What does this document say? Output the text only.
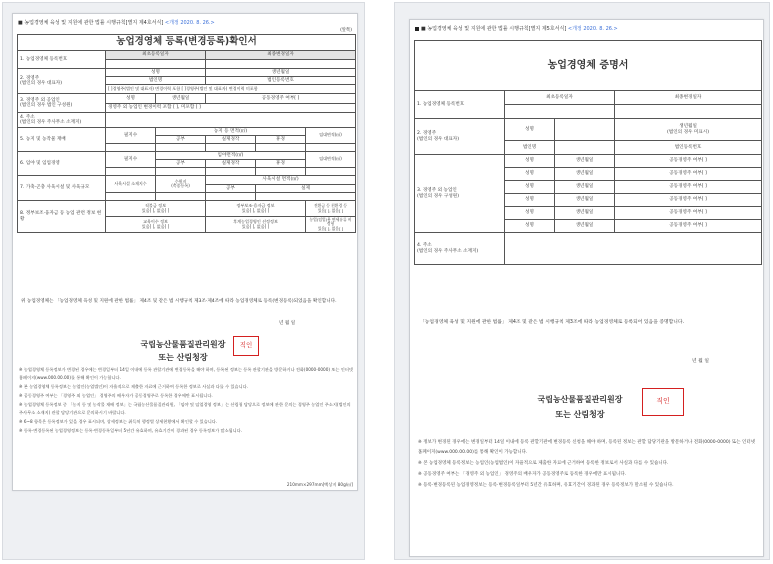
■ 농업경영체 육성 및 지원에 관한 법률 시행규칙[별지 제4호서식] <개정 2020. 8. 26.>
(앞쪽)
농업경영체 등록(변경등록)확인서					
1. 농업경영체 등록번호	최초등록일자		최종변경일자		

2. 경영주
(법인의 경우 대표자)	성명		생년월일		
	법인명		법인등록번호		
	[ ]경영주(법인 및 대표자) 변경이력 포함 [ ]경영주(법인 및 대표자) 변경이력 미포함				
3. 경영주 외 공업인
(법인의 경우 법인 구성원)	성명	생년월일	공동경영주 여부[ ]		
	경영주 외 농업인 변경이력 포함 [ ], 미포함 [ ]				
4. 주소
(법인의 경우 주사무소 소재지)					
5. 농지 및 농작물 재배	필지수	농지 등 면적(㎡)			임대면적(㎡)
		공부	실제경작	휴경	

6. 임야 및 임업경영	필지수	임야면적(㎡)			임대면적(㎡)
		공부	실제경작	휴경	

7. 가축·곤충 사육시설 및 사육규모	사육시설 소재지수	수원지
(축종등록)	사육시설 면적(㎡)		
			공부	실제	

8. 정부보조·융자금 등 농업 관련 정보 현황	직불금 정보
있음[ ], 없음[ ]		정부보조·융자금 정보
있음[ ], 없음[ ]		전환금 등 친환경 등
있음[ ], 없음[ ]
	교육이수 정보
있음[ ], 없음[ ]		후계농업경영인 선정정보
있음[ ], 없음[ ]		농업(임업)용 면세유류 비정형
있음[ ], 없음[ ]
위 농업경영체는 「농업경영체 육성 및 지원에 관한 법률」 제4조 및 같은 법 시행규칙 제3조·제4조에 따라 농업경영체로 등록(변경등록)되었음을 확인합니다.
년 월 일
국립농산물품질관리원장
또는 산림청장
직인
※ 농업경영체 등록정보가 변경된 경우에는 변경일부터 14일 이내에 등록 관할기관에 변경등록을 해야 하며, 등록된 정보는 등록 관할기관을 방문하거나 전화(0000-0000) 또는 인터넷 홈페이지(www.000.00.00)를 통해 확인이 가능합니다.
※ 본 농업경영체 등록정보는 농업인(농업법인)이 자율적으로 제출한 자료에 근거하여 등록한 정보로 사실과 다를 수 있습니다.
※ 공동경영주 여부는 「경영주 외 농업인」 경영주의 배우자가 공동경영주로 등록한 경우에만 표시됩니다.
※ 농업경영체 등록정보 중 「농지 등 및 농작물 재배 정보」는 국립농산물품질관리원, 「임야 및 임업경영 정보」는 산림청 담당으로 정보에 관한 문의는 경영주 농업인 주소지(법인의 주사무소 소재지) 관할 담당기관으로 문의하시기 바랍니다.
※ 6~8 항목은 등록정보가 있을 경우 표시되며, 상세정보는 취득처 행정별 상세현황에서 확인할 수 있습니다.
※ 등록·변경등록된 농업경영정보는 등록·변경등록일부터 5년간 유효하며, 유효기간이 경과된 경우 등록정보가 말소됩니다.
210mm×297mm[백상지 80g/㎡]
■ 농업경영체 육성 및 지원에 관한 법률 시행규칙[별지 제5호서식] <개정 2020. 8. 26.>
농업경영체 증명서			
1. 농업경영체 등록번호	최초등록일자		최종변경일자

2. 경영주
(법인의 경우 대표자)	성명		생년월일
(법인의 경우 미표시)
	법인명		법인등록번호
3. 경영주 외 농업인
(법인의 경우 구성원)	성명	생년월일	공동경영주 여부[ ]
	성명	생년월일	공동경영주 여부[ ]
	성명	생년월일	공동경영주 여부[ ]
	성명	생년월일	공동경영주 여부[ ]
	성명	생년월일	공동경영주 여부[ ]
	성명	생년월일	공동경영주 여부[ ]
4. 주소
(법인의 경우 주사무소 소재지)			
「농업경영체 육성 및 지원에 관한 법률」 제4조 및 같은 법 시행규칙 제3조에 따라 농업경영체로 등록되어 있음을 증명합니다.
년 월 일
국립농산물품질관리원장
또는 산림청장
직인
※ 정보가 변경된 경우에는 변경일부터 14일 이내에 등록 관할기관에 변경등록 신청을 해야 하며, 등록된 정보는 관할 담당기관을 방문하거나 전화(0000-0000) 또는 인터넷 홈페이지(www.000.00.00)를 통해 확인이 가능합니다.
※ 본 농업경영체 등록정보는 농업인(농업법인)이 자율적으로 제출한 자료에 근거하여 등록한 정보로서 사실과 다를 수 있습니다.
※ 공동경영주 여부는 「경영주 외 농업인」 경영주의 배우자가 공동경영주로 등록한 경우에만 표시됩니다.
※ 등록·변경등록된 농업경영정보는 등록·변경등록일부터 5년간 유효하며, 유효기간이 경과된 경우 등록정보가 말소될 수 있습니다.
